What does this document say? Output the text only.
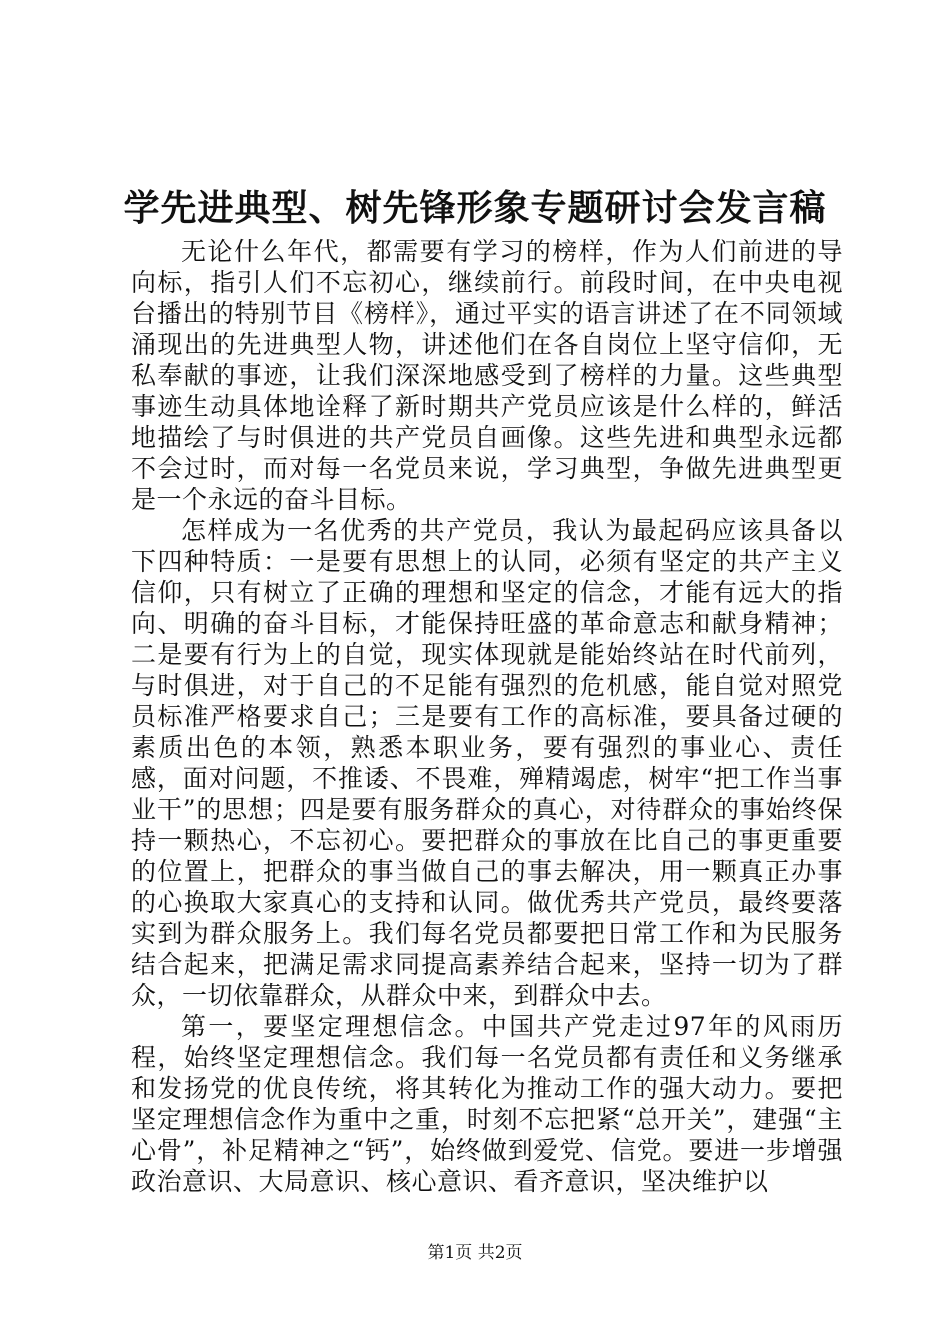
学先进典型、树先锋形象专题研讨会发言稿

无论什么年代，都需要有学习的榜样，作为人们前进的导向标，指引人们不忘初心，继续前行。前段时间，在中央电视台播出的特别节目《榜样》，通过平实的语言讲述了在不同领域涌现出的先进典型人物，讲述他们在各自岗位上坚守信仰，无私奉献的事迹，让我们深深地感受到了榜样的力量。这些典型事迹生动具体地诠释了新时期共产党员应该是什么样的，鲜活地描绘了与时俱进的共产党员自画像。这些先进和典型永远都不会过时，而对每一名党员来说，学习典型，争做先进典型更是一个永远的奋斗目标。

怎样成为一名优秀的共产党员，我认为最起码应该具备以下四种特质：一是要有思想上的认同，必须有坚定的共产主义信仰，只有树立了正确的理想和坚定的信念，才能有远大的指向、明确的奋斗目标，才能保持旺盛的革命意志和献身精神；二是要有行为上的自觉，现实体现就是能始终站在时代前列，与时俱进，对于自己的不足能有强烈的危机感，能自觉对照党员标准严格要求自己；三是要有工作的高标准，要具备过硬的素质出色的本领，熟悉本职业务，要有强烈的事业心、责任感，面对问题，不推诿、不畏难，殚精竭虑，树牢“把工作当事业干”的思想；四是要有服务群众的真心，对待群众的事始终保持一颗热心，不忘初心。要把群众的事放在比自己的事更重要的位置上，把群众的事当做自己的事去解决，用一颗真正办事的心换取大家真心的支持和认同。做优秀共产党员，最终要落实到为群众服务上。我们每名党员都要把日常工作和为民服务结合起来，把满足需求同提高素养结合起来，坚持一切为了群众，一切依靠群众，从群众中来，到群众中去。

第一，要坚定理想信念。中国共产党走过97年的风雨历程，始终坚定理想信念。我们每一名党员都有责任和义务继承和发扬党的优良传统，将其转化为推动工作的强大动力。要把坚定理想信念作为重中之重，时刻不忘把紧“总开关”，建强“主心骨”，补足精神之“钙”，始终做到爱党、信党。要进一步增强政治意识、大局意识、核心意识、看齐意识，坚决维护以

第1页 共2页
